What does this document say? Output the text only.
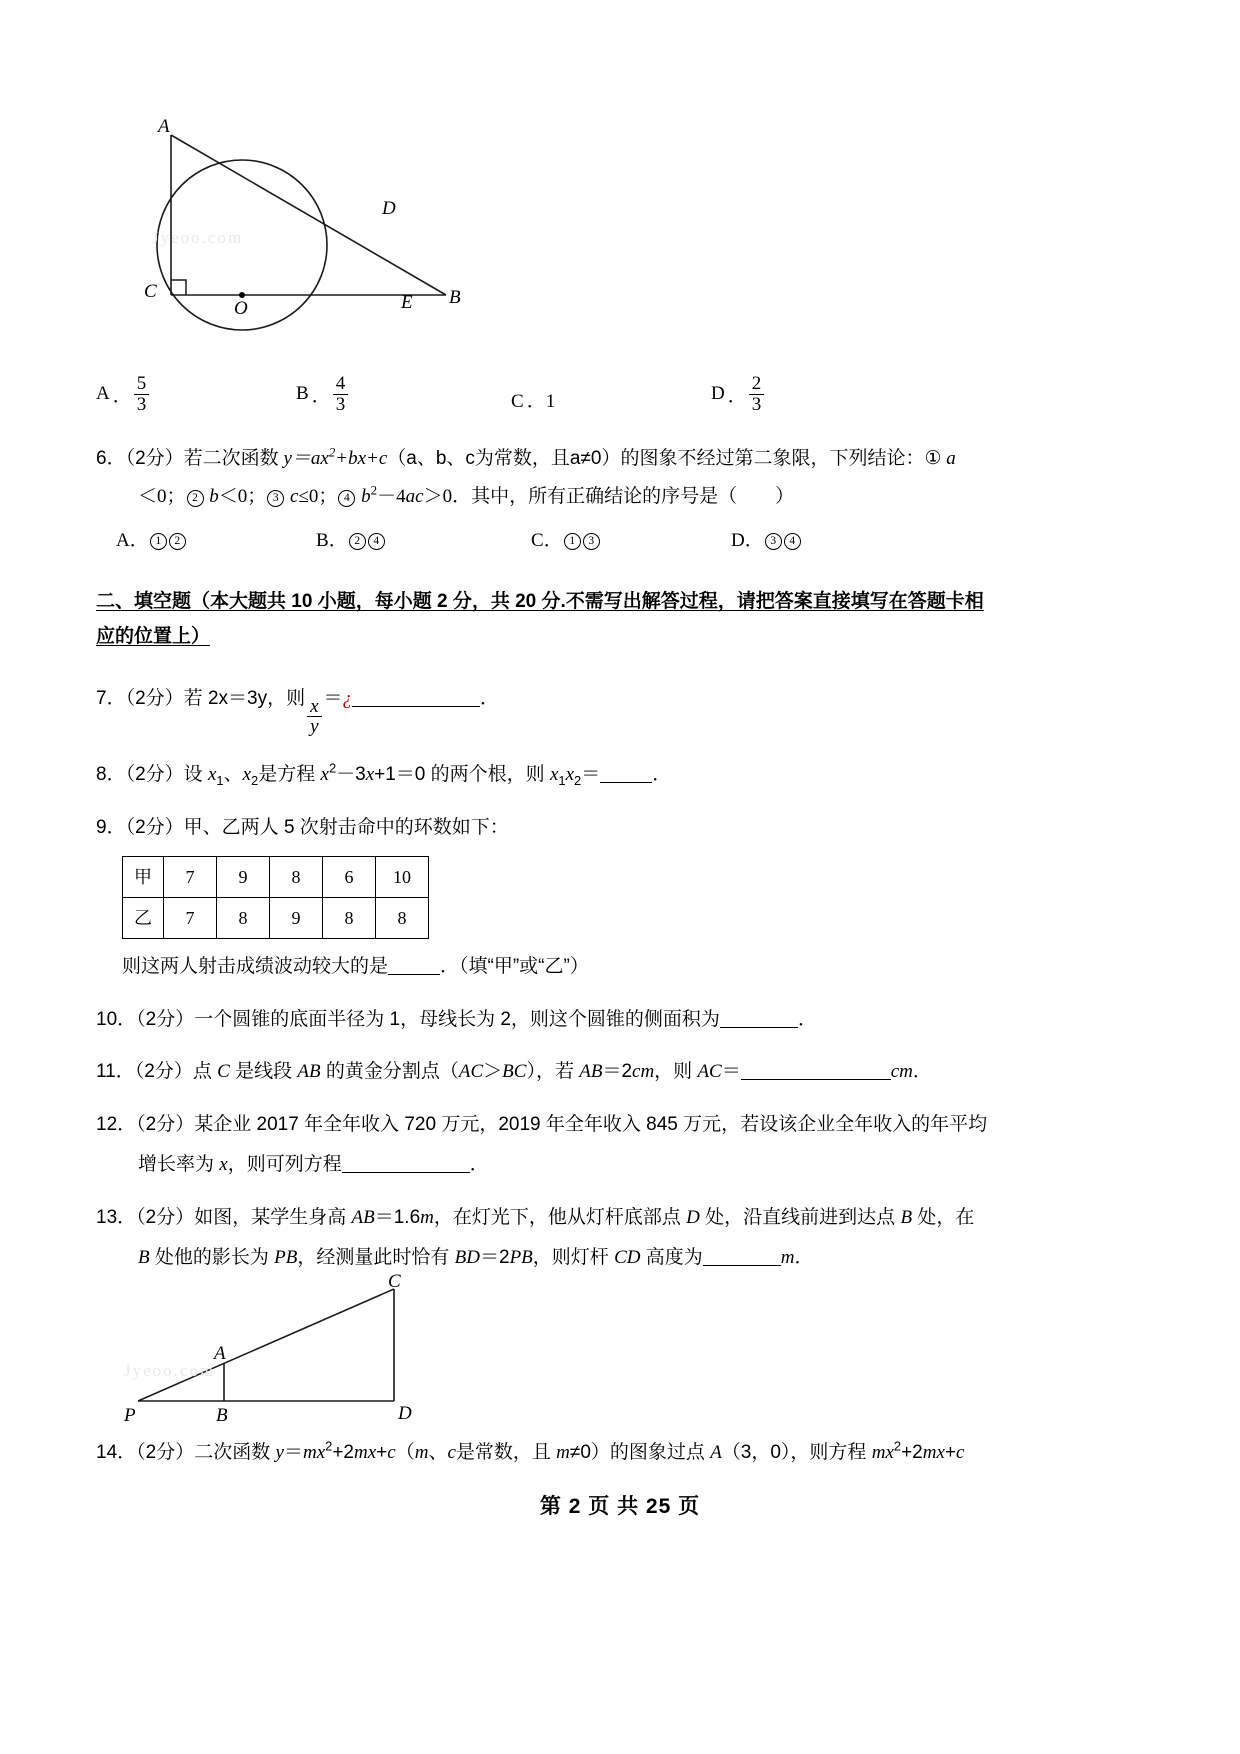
Jyeoo.com
A
D
C
O	E B
A ． $\frac{5}{3}$	B ． $\frac{4}{3}$	C ． 1	D ． $\frac{2}{3}$
6．（2分）若二次函数 $y=ax^2+bx+c(a$、b、c为常数，且a≠0）的图象不经过第二象限，下列结论：① a
＜0； 2 b＜0； 3 c≤0； 4 $b^2-4ac>0$．其中，所有正确结论的序号是（　　）
A ． 1	2	B ． 2	4	C ． 1	3	D ． 3	4
二、填空题（本大题共 10 小题，每小题 2 分，共 20 分.不需写出解答过程，请把答案直接填写在答题卡相
应的位置上）
7．（2分）若 2x＝3y，则 $\frac{x}{y}$ ＝¿	．
8．（2分）设 $x_1$、$x_2$是方程 $x^2-3x+1=0$ 的两个根，则 $x_1x_2=$	．
9．（2分）甲、乙两人 5 次射击命中的环数如下：
甲	7	9	8	6	10
乙	7	8	9	8	8
则这两人射击成绩波动较大的是	．（填“甲”或“乙”）
10．（2分）一个圆锥的底面半径为 1，母线长为 2，则这个圆锥的侧面积为	．
11．（2分）点 C 是线段 AB 的黄金分割点（AC＞BC），若 AB＝2cm，则 AC＝	cm．
12．（2分）某企业 2017 年全年收入 720 万元，2019 年全年收入 845 万元，若设该企业全年收入的年平均
增长率为 x，则可列方程	．
13．（2分）如图，某学生身高 AB＝1.6m，在灯光下，他从灯杆底部点 D 处，沿直线前进到达点 B 处，在
B 处他的影长为 PB，经测量此时恰有 BD＝2PB，则灯杆 CD 高度为	m．
Jyeoo.com
C
A
P	B	D
14．（2分）二次函数 $y=mx^2+2mx+c(m$、c是常数，且 m≠0）的图象过点 A（3，0），则方程 $mx^2+2mx+c$
第 2 页 共 25 页
